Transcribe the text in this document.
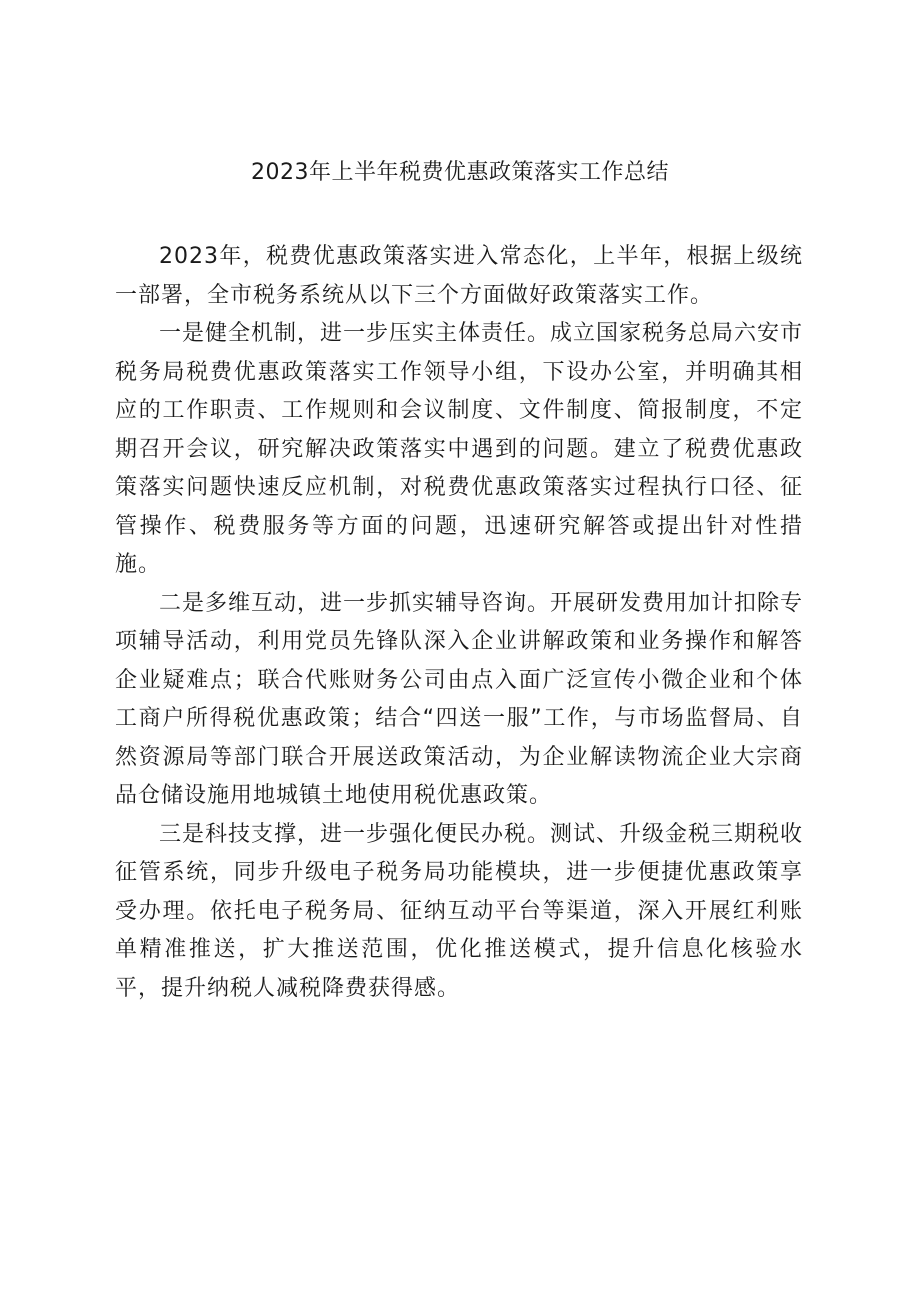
2023年上半年税费优惠政策落实工作总结

2023年，税费优惠政策落实进入常态化，上半年，根据上级统一部署，全市税务系统从以下三个方面做好政策落实工作。

一是健全机制，进一步压实主体责任。成立国家税务总局六安市税务局税费优惠政策落实工作领导小组，下设办公室，并明确其相应的工作职责、工作规则和会议制度、文件制度、简报制度，不定期召开会议，研究解决政策落实中遇到的问题。建立了税费优惠政策落实问题快速反应机制，对税费优惠政策落实过程执行口径、征管操作、税费服务等方面的问题，迅速研究解答或提出针对性措施。

二是多维互动，进一步抓实辅导咨询。开展研发费用加计扣除专项辅导活动，利用党员先锋队深入企业讲解政策和业务操作和解答企业疑难点；联合代账财务公司由点入面广泛宣传小微企业和个体工商户所得税优惠政策；结合“四送一服”工作，与市场监督局、自然资源局等部门联合开展送政策活动，为企业解读物流企业大宗商品仓储设施用地城镇土地使用税优惠政策。

三是科技支撑，进一步强化便民办税。测试、升级金税三期税收征管系统，同步升级电子税务局功能模块，进一步便捷优惠政策享受办理。依托电子税务局、征纳互动平台等渠道，深入开展红利账单精准推送，扩大推送范围，优化推送模式，提升信息化核验水平，提升纳税人减税降费获得感。
